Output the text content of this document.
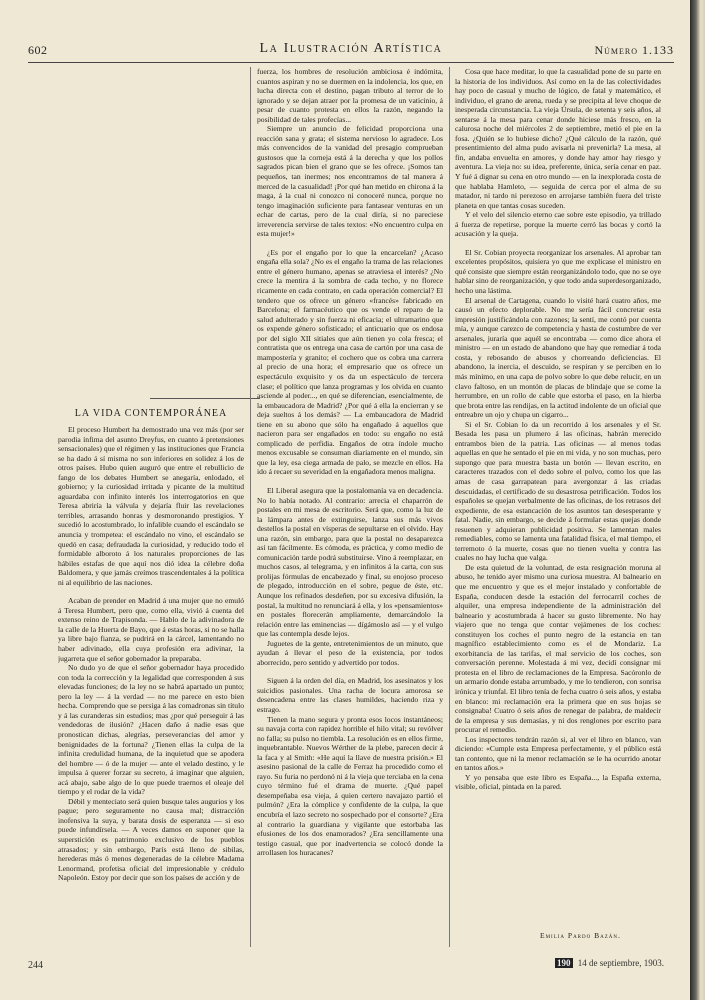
602	La Ilustración Artística	Número 1.133
LA VIDA CONTEMPORÁNEA

El proceso Humbert ha demostrado una vez más (por ser parodia ínfima del asunto Dreyfus, en cuanto á pretensiones sensacionales) que el régimen y las instituciones que Francia se ha dado á sí misma no son inferiores en solidez á los de otros países. Hubo quien auguró que entre el rebullicio de fango de los debates Humbert se anegaría, enlodado, el gobierno; y la curiosidad irritada y picante de la multitud aguardaba con infinito interés los interrogatorios en que Teresa abriría la válvula y dejaría fluir las revelaciones terribles, arrasando honras y desmoronando prestigios. Y sucedió lo acostumbrado, lo infalible cuando el escándalo se anuncia y trompetea: el escándalo no vino, el escándalo se quedó en casa; defraudada la curiosidad, y reducido todo el formidable alboroto á los naturales proporciones de las hábiles estafas de que aquí nos dió idea la célebre doña Baldomera, y que jamás creímos trascendentales á la política ni al equilibrio de las naciones.

Acaban de prender en Madrid á una mujer que no emuló á Teresa Humbert, pero que, como ella, vivió á cuenta del extenso reino de Trapisonda. — Hablo de la adivinadora de la calle de la Huerta de Bayo, que á estas horas, si no se halla ya libre bajo fianza, se pudrirá en la cárcel, lamentando no haber adivinado, ella cuya profesión era adivinar, la jugarreta que el señor gobernador la preparaba.

No dudo yo de que el señor gobernador haya procedido con toda la corrección y la legalidad que corresponden á sus elevadas funciones; de la ley no se habrá apartado un punto; pero la ley — á la verdad — no me parece en esto bien hecha. Comprendo que se persiga á las comadronas sin título y á las curanderas sin estudios; mas ¿por qué perseguir á las vendedoras de ilusión? ¿Hacen daño á nadie esas que pronostican dichas, alegrías, perseverancias del amor y benignidades de la fortuna? ¿Tienen ellas la culpa de la infinita credulidad humana, de la inquietud que se apodera del hombre — ó de la mujer — ante el velado destino, y le impulsa á querer forzar su secreto, á imaginar que alguien, acá abajo, sabe algo de lo que puede traernos el oleaje del tiempo y el rodar de la vida?

Débil y menteciato será quien busque tales augurios y los pague; pero seguramente no causa mal; distracción inofensiva la suya, y barata dosis de esperanza — si eso puede infundírsela. — A veces damos en suponer que la superstición es patrimonio exclusivo de los pueblos atrasados; y sin embargo, París está lleno de sibilas, herederas más ó menos degeneradas de la célebre Madama Lenormand, profetisa oficial del impresionable y crédulo Napoleón. Estoy por decir que son los países de acción y de

fuerza, los hombres de resolución ambiciosa é indómita, cuantos aspiran y no se duermen en la indolencia, los que, en lucha directa con el destino, pagan tributo al terror de lo ignorado y se dejan atraer por la promesa de un vaticinio, á pesar de cuanto protesta en ellos la razón, negando la posibilidad de tales profecías...

Siempre un anuncio de felicidad proporciona una reacción sana y grata; el sistema nervioso lo agradece. Los más convencidos de la vanidad del presagio comprueban gustosos que la corneja está á la derecha y que los pollos sagrados pican bien el grano que se les ofrece. ¡Somos tan pequeños, tan inermes; nos encontramos de tal manera á merced de la casualidad! ¡Por qué han metido en chirona á la maga, á la cual ni conozco ni conoceré nunca, porque no tengo imaginación suficiente para fantasear venturas en un echar de cartas, pero de la cual diría, si no pareciese irreverencia servirse de tales textos: «No encuentro culpa en esta mujer!»

¿Es por el engaño por lo que la encarcelan? ¿Acaso engaña ella sola? ¿No es el engaño la trama de las relaciones entre el género humano, apenas se atraviesa el interés? ¿No crece la mentira á la sombra de cada techo, y no florece ricamente en cada contrato, en cada operación comercial? El tendero que os ofrece un género «francés» fabricado en Barcelona; el farmacéutico que os vende el reparo de la salud adulterado y sin fuerza ni eficacia; el ultramarino que os expende género sofisticado; el anticuario que os endosa por del siglo XII sitiales que aún tienen yo cola fresca; el contratista que os entrega una casa de cartón por una casa de mampostería y granito; el cochero que os cobra una carrera al precio de una hora; el empresario que os ofrece un espectáculo exquisito y os da un espectáculo de tercera clase; el político que lanza programas y los olvida en cuanto asciende al poder..., en qué se diferencian, esencialmente, de la embaucadora de Madrid? ¿Por qué á ella la encierran y se deja sueltos á los demás? — La embaucadora de Madrid tiene en su abono que sólo ha engañado á aquellos que nacieron para ser engañados en todo: su engaño no está complicado de perfidia. Engaños de otra índole mucho menos excusable se consuman diariamente en el mundo, sin que la ley, esa ciega armada de palo, se mezcle en ellos. Ha ido á recaer su severidad en la engañadora menos maligna.

El Liberal asegura que la postalomanía va en decadencia. No lo había notado. Al contrario: arrecia el chaparrón de postales en mi mesa de escritorio. Será que, como la luz de la lámpara antes de extinguirse, lanza sus más vivos destellos la postal en vísperas de sepultarse en el olvido. Hay una razón, sin embargo, para que la postal no desaparezca así tan fácilmente. Es cómoda, es práctica, y como medio de comunicación tarde podrá substituirse. Vino á reemplazar, en muchos casos, al telegrama, y en infinitos á la carta, con sus prolijas fórmulas de encabezado y final, su enojoso proceso de plegado, introducción en el sobre, pegue de éste, etc. Aunque los refinados desdeñen, por su excesiva difusión, la postal, la multitud no renunciará á ella, y los «pensamientos» en postales florecerán ampliamente, demarcándolo la relación entre las eminencias — dígámoslo así — y el vulgo que las contempla desde lejos.

Juguetes de la gente, entretenimientos de un minuto, que ayudan á llevar el peso de la existencia, por todos aborrecido, pero sentido y advertido por todos.

Siguen á la orden del día, en Madrid, los asesinatos y los suicidios pasionales. Una racha de locura amorosa se desencadena entre las clases humildes, haciendo riza y estrago.

Tienen la mano segura y pronta esos locos instantáneos; su navaja corta con rapidez horrible el hilo vital; su revólver no falla; su pulso no tiembla. La resolución es en ellos firme, inquebrantable. Nuevos Wérther de la plebe, parecen decir á la faca y al Smith: «He aquí la llave de nuestra prisión.» El asesino pasional de la calle de Ferraz ha procedido como el rayo. Su furia no perdonó ni á la vieja que terciaba en la cena cuyo término fué el drama de muerte. ¿Qué papel desempeñaba esa vieja, á quien certero navajazo partió el pulmón? ¿Era la cómplice y confidente de la culpa, la que encubría el lazo secreto no sospechado por el consorte? ¿Era al contrario la guardiana y vigilante que estorbaba las efusiones de los dos enamorados? ¿Era sencillamente una testigo casual, que por inadvertencia se colocó donde la arrollasen los huracanes?

Cosa que hace meditar, lo que la casualidad pone de su parte en la historia de los individuos. Así como en la de las colectividades hay poco de casual y mucho de lógico, de fatal y matemático, el individuo, el grano de arena, rueda y se precipita al leve choque de inesperada circunstancia. La vieja Úrsula, de setenta y seis años, al sentarse á la mesa para cenar donde hiciese más fresco, en la calurosa noche del miércoles 2 de septiembre, metió el pie en la fosa. ¿Quién se lo hubiese dicho? ¿Qué cálculo de la razón, qué presentimiento del alma pudo avisarla ni prevenirla? La mesa, al fin, andaba envuelta en amores, y donde hay amor hay riesgo y aventura. La vieja no: su idea, preferente, única, sería cenar en paz. Y fué á dignar su cena en otro mundo — en la inexplorada costa de que hablaba Hamleto, — seguida de cerca por el alma de su matador, ni tardo ni perezoso en arrojarse también fuera del triste planeta en que tantas cosas suceden.

Y el velo del silencio eterno cae sobre este episodio, ya trillado á fuerza de repetirse, porque la muerte cerró las bocas y cortó la acusación y la queja.

El Sr. Cobian proyecta reorganizar los arsenales. Al aprobar tan excelentes propósitos, quisiera yo que me explicase el ministro en qué consiste que siempre están reorganizándolo todo, que no se oye hablar sino de reorganización, y que todo anda superdesorganizado, hecho una lástima.

El arsenal de Cartagena, cuando lo visité hará cuatro años, me causó un efecto deplorable. No me sería fácil concretar esta impresión justificándola con razones; la sentí, me contó por cuenta mía, y aunque carezco de competencia y hasta de costumbre de ver arsenales, juraría que aquél se encontraba — como dice ahora el ministro — en un estado de abandono que hay que remediar á toda costa, y rebosando de abusos y chorreando deficiencias. El abandono, la inercia, el descuido, se respiran y se perciben en lo más mínimo, en una capa de polvo sobre lo que debe relucir, en un clavo faltoso, en un montón de placas de blindaje que se come la herrumbre, en un rollo de cable que estorba el paso, en la hierba que brota entre las rendijas, en la actitud indolente de un oficial que entreabre un ojo y chupa un cigarro...

Si el Sr. Cobian lo da un recorrido á los arsenales y el Sr. Besada les pasa un plumero á las oficinas, habrán merecido entrambos bien de la patria. Las oficinas — al menos todas aquellas en que he sentado el pie en mi vida, y no son muchas, pero supongo que para muestra basta un botón — llevan escrito, en caracteres trazados con el dedo sobre el polvo, como los que las amas de casa garrapatean para avergonzar á las criadas descuidadas, el certificado de su desastrosa petrificación. Todos los españoles se quejan verbalmente de las oficinas, de los retrasos del expediente, de esa estancación de los asuntos tan desesperante y fatal. Nadie, sin embargo, se decide á formular estas quejas donde resuenen y adquieran publicidad positiva. Se lamentan males remediables, como se lamenta una fatalidad física, el mal tiempo, el terremoto ó la muerte, cosas que no tienen vuelta y contra las cuales no hay lucha que valga.

De esta quietud de la voluntad, de esta resignación morunа al abuso, he tenido ayer mismo una curiosa muestra. Al balneario en que me encuentro y que es el mejor instalado y confortable de España, conducen desde la estación del ferrocarril coches de alquiler, una empresa independiente de la administración del balneario y acostumbrada á hacer su gusto libremente. No hay viajero que no tenga que contar vejámenes de los coches: constituyen los coches el punto negro de la estancia en tan magnífico establecimiento como es el de Mondariz. La exorbitancia de las tarifas, el mal servicio de los coches, son conversación perenne. Molestada á mi vez, decidí consignar mi protesta en el libro de reclamaciones de la Empresa. Sacóronlo de un armario donde estaba arrumbado, y me lo tendieron, con sonrisa irónica y triunfal. El libro tenía de fecha cuatro ó seis años, y estaba en blanco: mi reclamación era la primera que en sus hojas se consignaba! Cuatro ó seis años de renegar de palabra, de maldecir de la empresa y sus demasías, y ni dos renglones por escrito para procurar el remedio.

Los inspectores tendrán razón si, al ver el libro en blanco, van diciendo: «Cumple esta Empresa perfectamente, y el público está tan contento, que ni la menor reclamación se le ha ocurrido anotar en tantos años.»

Y yo pensaba que este libro es España..., la España externa, visible, oficial, pintada en la pared.

Emilia Pardo Bazán.
244	190 14 de septiembre, 1903.
